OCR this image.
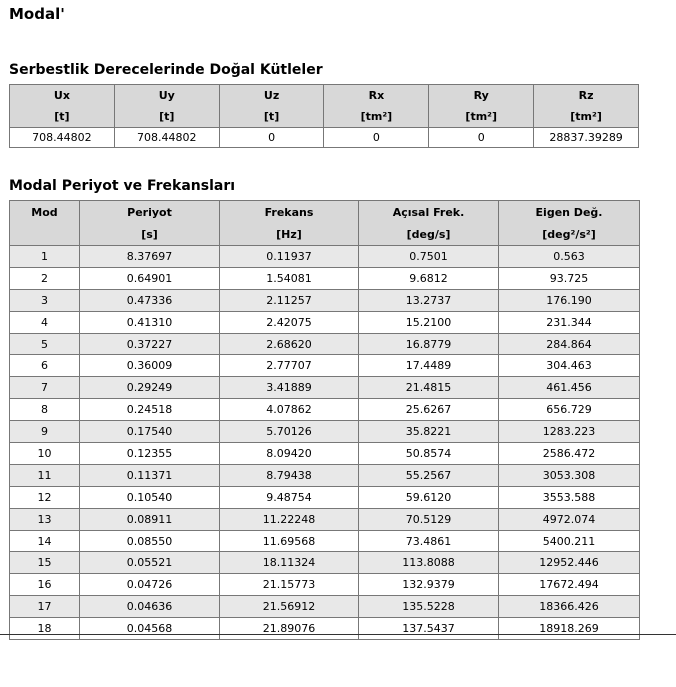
Modal'
Serbestlik Derecelerinde Doğal Kütleler
Ux	Uy	Uz	Rx	Ry	Rz
[t]	[t]	[t]	[tm²]	[tm²]	[tm²]
708.44802	708.44802	0	0	0	28837.39289
Modal Periyot ve Frekansları
Mod	Periyot	Frekans	Açısal Frek.	Eigen Değ.
	[s]	[Hz]	[deg/s]	[deg²/s²]
1	8.37697	0.11937	0.7501	0.563
2	0.64901	1.54081	9.6812	93.725
3	0.47336	2.11257	13.2737	176.190
4	0.41310	2.42075	15.2100	231.344
5	0.37227	2.68620	16.8779	284.864
6	0.36009	2.77707	17.4489	304.463
7	0.29249	3.41889	21.4815	461.456
8	0.24518	4.07862	25.6267	656.729
9	0.17540	5.70126	35.8221	1283.223
10	0.12355	8.09420	50.8574	2586.472
11	0.11371	8.79438	55.2567	3053.308
12	0.10540	9.48754	59.6120	3553.588
13	0.08911	11.22248	70.5129	4972.074
14	0.08550	11.69568	73.4861	5400.211
15	0.05521	18.11324	113.8088	12952.446
16	0.04726	21.15773	132.9379	17672.494
17	0.04636	21.56912	135.5228	18366.426
18	0.04568	21.89076	137.5437	18918.269
